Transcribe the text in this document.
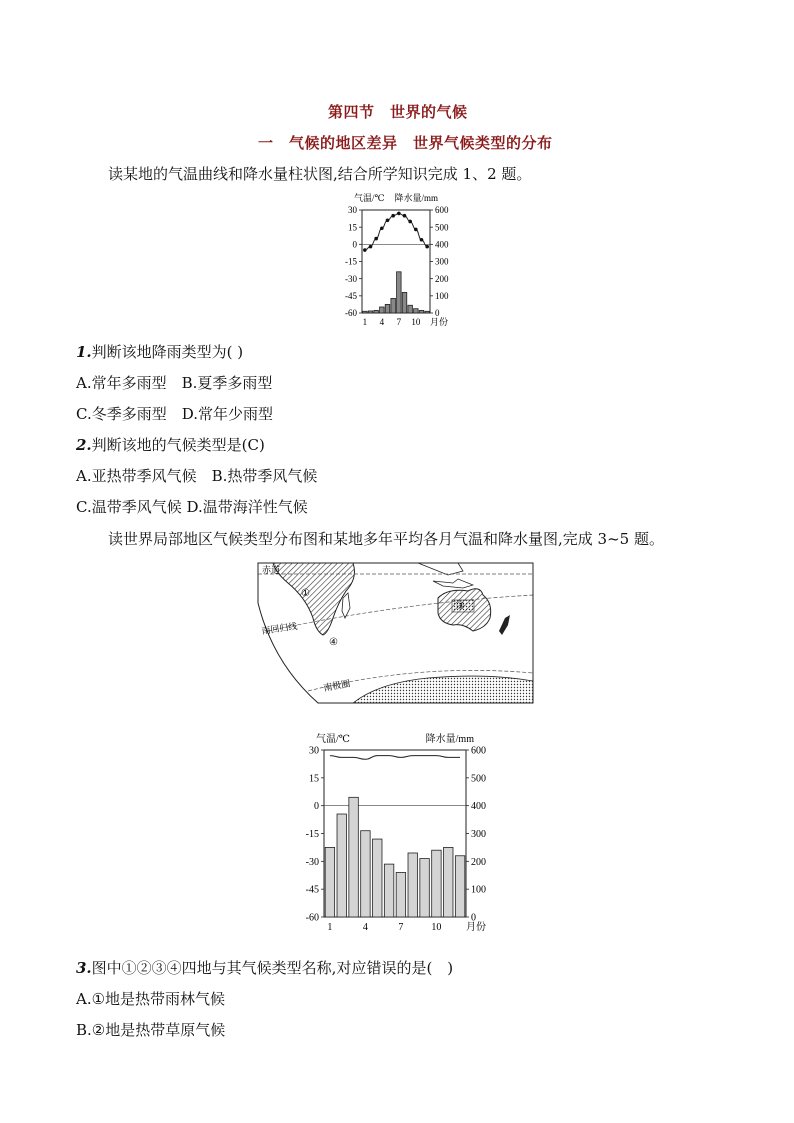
第四节　世界的气候
一　气候的地区差异　世界气候类型的分布
读某地的气温曲线和降水量柱状图,结合所学知识完成 1、2 题。
气温/℃ 降水量/mm
30
15
0
-15
-30
-45
-60
600
500
400
300
200
100
0
1 4 7 10 月份
1.判断该地降雨类型为( )
A.常年多雨型　B.夏季多雨型
C.冬季多雨型　D.常年少雨型
2.判断该地的气候类型是(C)
A.亚热带季风气候　B.热带季风气候
C.温带季风气候 D.温带海洋性气候
读世界局部地区气候类型分布图和某地多年平均各月气温和降水量图,完成 3~5 题。
赤道
南回归线
南极圈
①
③
④
气温/℃	降水量/mm
30
15
0
-15
-30
-45
-60
600
500
400
300
200
100
0
1	4	7	10 月份
3.图中①②③④四地与其气候类型名称,对应错误的是(　)
A.①地是热带雨林气候
B.②地是热带草原气候
